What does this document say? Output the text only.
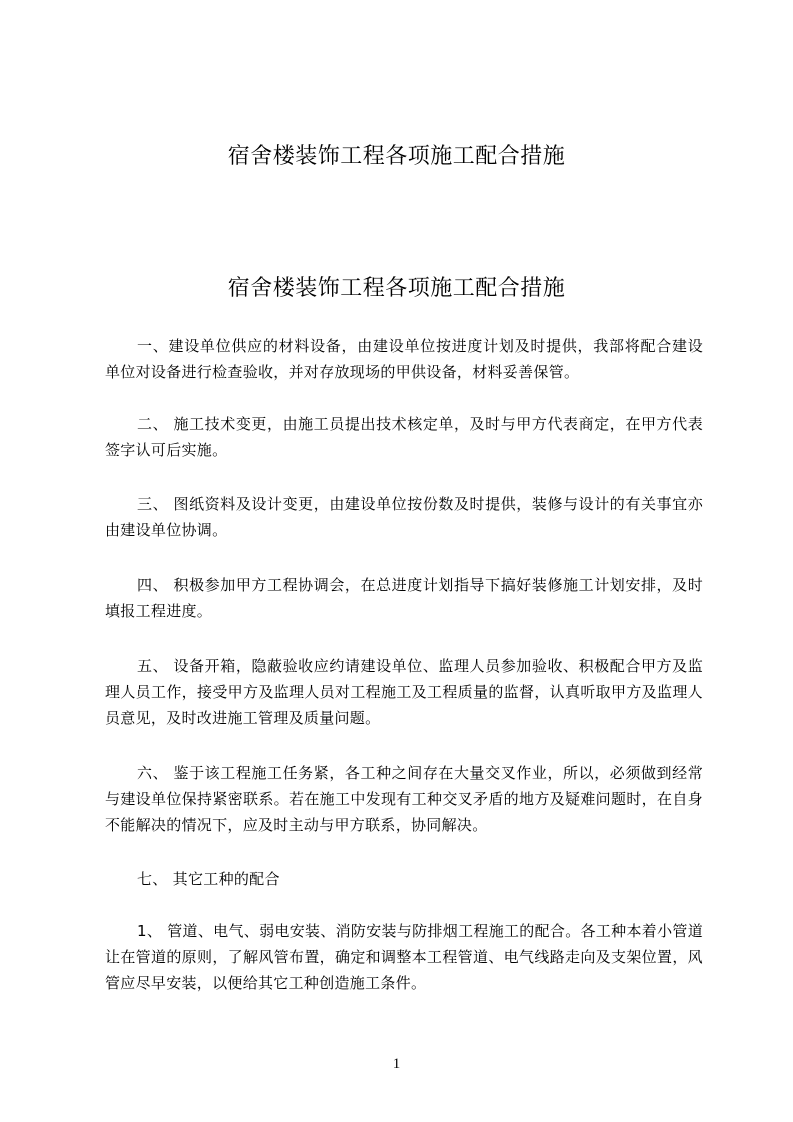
宿舍楼装饰工程各项施工配合措施
宿舍楼装饰工程各项施工配合措施

一、建设单位供应的材料设备，由建设单位按进度计划及时提供，我部将配合建设单位对设备进行检查验收，并对存放现场的甲供设备，材料妥善保管。

二、 施工技术变更，由施工员提出技术核定单，及时与甲方代表商定，在甲方代表签字认可后实施。

三、 图纸资料及设计变更，由建设单位按份数及时提供，装修与设计的有关事宜亦由建设单位协调。

四、 积极参加甲方工程协调会，在总进度计划指导下搞好装修施工计划安排，及时填报工程进度。

五、 设备开箱，隐蔽验收应约请建设单位、监理人员参加验收、积极配合甲方及监理人员工作，接受甲方及监理人员对工程施工及工程质量的监督，认真听取甲方及监理人员意见，及时改进施工管理及质量问题。

六、 鉴于该工程施工任务紧，各工种之间存在大量交叉作业，所以，必须做到经常与建设单位保持紧密联系。若在施工中发现有工种交叉矛盾的地方及疑难问题时，在自身不能解决的情况下，应及时主动与甲方联系，协同解决。

七、 其它工种的配合

1、 管道、电气、弱电安装、消防安装与防排烟工程施工的配合。各工种本着小管道让在管道的原则，了解风管布置，确定和调整本工程管道、电气线路走向及支架位置，风管应尽早安装，以便给其它工种创造施工条件。

1
